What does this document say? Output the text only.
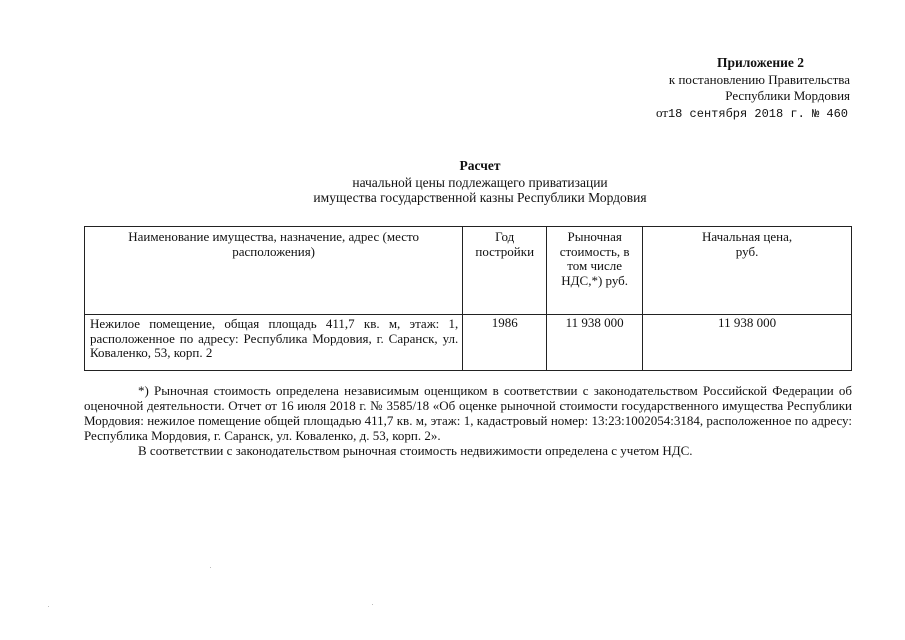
Приложение 2
к постановлению Правительства
Республики Мордовия
от18 сентября 2018 г. № 460
Расчет
начальной цены подлежащего приватизации
имущества государственной казны Республики Мордовия
Наименование имущества, назначение, адрес (место расположения)	Год постройки	Рыночная стоимость, в том числе НДС,*) руб.	Начальная цена, руб.
Нежилое помещение, общая площадь 411,7 кв. м, этаж: 1, расположенное по адресу: Республика Мордовия, г. Саранск, ул. Коваленко, 53, корп. 2	1986	11 938 000	11 938 000

*) Рыночная стоимость определена независимым оценщиком в соответствии с законодательством Российской Федерации об оценочной деятельности. Отчет от 16 июля 2018 г. № 3585/18 «Об оценке рыночной стоимости государственного имущества Республики Мордовия: нежилое помещение общей площадью 411,7 кв. м, этаж: 1, кадастровый номер: 13:23:1002054:3184, расположенное по адресу: Республика Мордовия, г. Саранск, ул. Коваленко, д. 53, корп. 2».

В соответствии с законодательством рыночная стоимость недвижимости определена с учетом НДС.
